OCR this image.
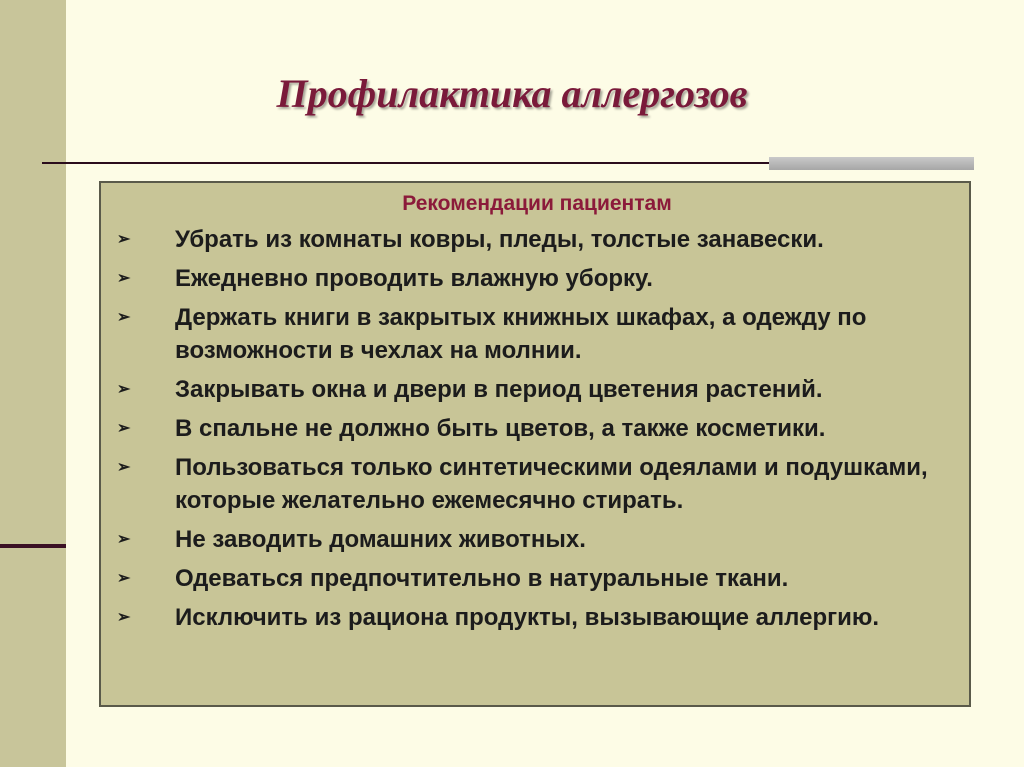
Профилактика аллергозов
Рекомендации пациентам
➢ Убрать из комнаты ковры, пледы, толстые занавески.
➢ Ежедневно проводить влажную уборку.
➢ Держать книги в закрытых книжных шкафах, а одежду по возможности в чехлах на молнии.
➢ Закрывать окна и двери в период цветения растений.
➢ В спальне не должно быть цветов, а также косметики.
➢ Пользоваться только синтетическими одеялами и подушками, которые желательно ежемесячно стирать.
➢ Не заводить домашних животных.
➢ Одеваться предпочтительно в натуральные ткани.
➢ Исключить из рациона продукты, вызывающие аллергию.
